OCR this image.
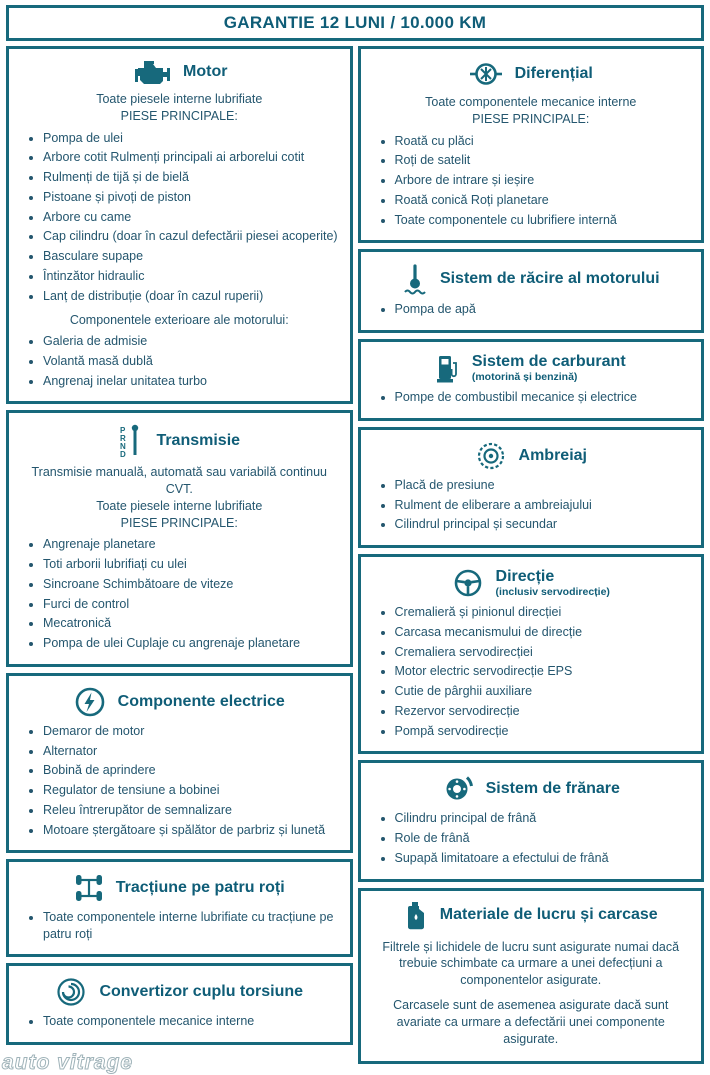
GARANTIE 12 LUNI / 10.000 KM
Motor

Toate piesele interne lubrifiate

PIESE PRINCIPALE:

• Pompa de ulei
• Arbore cotit Rulmenți principali ai arborelui cotit
• Rulmenți de tijă și de bielă
• Pistoane și pivoți de piston
• Arbore cu came
• Cap cilindru (doar în cazul defectării piesei acoperite)
• Basculare supape
• Întinzător hidraulic
• Lanț de distribuție (doar în cazul ruperii)

Componentele exterioare ale motorului:

• Galeria de admisie
• Volantă masă dublă
• Angrenaj inelar unitatea turbo
P
R
N
D
Transmisie

Transmisie manuală, automată sau variabilă continuu CVT.

Toate piesele interne lubrifiate

PIESE PRINCIPALE:

• Angrenaje planetare
• Toti arborii lubrifiați cu ulei
• Sincroane Schimbătoare de viteze
• Furci de control
• Mecatronică
• Pompa de ulei Cuplaje cu angrenaje planetare
Componente electrice
• Demaror de motor
• Alternator
• Bobină de aprindere
• Regulator de tensiune a bobinei
• Releu întrerupător de semnalizare
• Motoare ștergătoare și spălător de parbriz și lunetă
Tracțiune pe patru roți
• Toate componentele interne lubrifiate cu tracțiune pe patru roți
Convertizor cuplu torsiune
• Toate componentele mecanice interne
Diferențial

Toate componentele mecanice interne

PIESE PRINCIPALE:

• Roată cu plăci
• Roți de satelit
• Arbore de intrare și ieșire
• Roată conică Roți planetare
• Toate componentele cu lubrifiere internă
Sistem de răcire al motorului
• Pompa de apă
Sistem de carburant
(motorină și benzină)
• Pompe de combustibil mecanice și electrice
Ambreiaj
• Placă de presiune
• Rulment de eliberare a ambreiajului
• Cilindrul principal și secundar
Direcție
(inclusiv servodirecție)
• Cremalieră și pinionul direcției
• Carcasa mecanismului de direcție
• Cremaliera servodirecției
• Motor electric servodirecție EPS
• Cutie de pârghii auxiliare
• Rezervor servodirecție
• Pompă servodirecție
Sistem de frănare
• Cilindru principal de frână
• Role de frână
• Supapă limitatoare a efectului de frână
Materiale de lucru și carcase

Filtrele și lichidele de lucru sunt asigurate numai dacă trebuie schimbate ca urmare a unei defecțiuni a componentelor asigurate.

Carcasele sunt de asemenea asigurate dacă sunt avariate ca urmare a defectării unei componente asigurate.

auto vitrage
